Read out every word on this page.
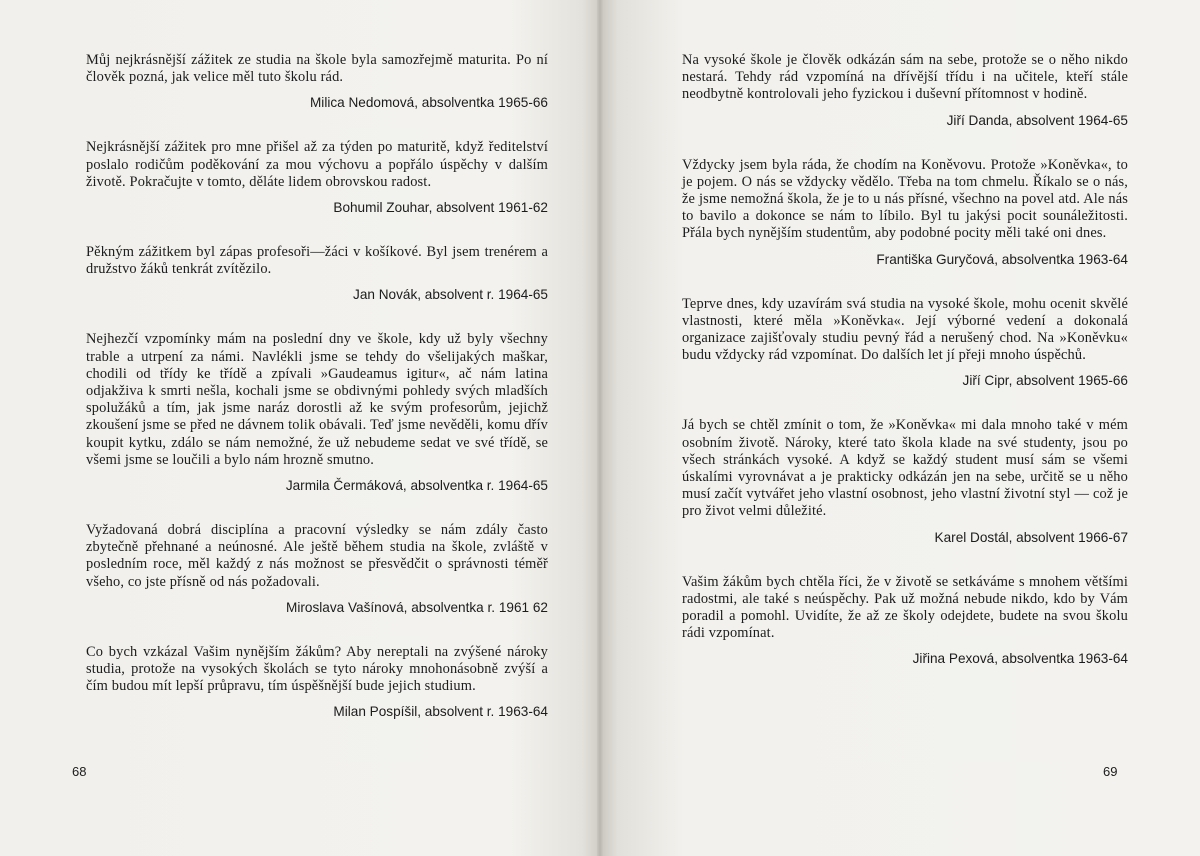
Můj nejkrásnější zážitek ze studia na škole byla samozřejmě maturita. Po ní člověk pozná, jak velice měl tuto školu rád.

Milica Nedomová, absolventka 1965-66

Nejkrásnější zážitek pro mne přišel až za týden po maturitě, když ředitelství poslalo rodičům poděkování za mou výchovu a popřálo úspěchy v dalším životě. Pokračujte v tomto, děláte lidem obrovskou radost.

Bohumil Zouhar, absolvent 1961-62

Pěkným zážitkem byl zápas profesoři—žáci v košíkové. Byl jsem trenérem a družstvo žáků tenkrát zvítězilo.

Jan Novák, absolvent r. 1964-65

Nejhezčí vzpomínky mám na poslední dny ve škole, kdy už byly všechny trable a utrpení za námi. Navlékli jsme se tehdy do všelijakých maškar, chodili od třídy ke třídě a zpívali »Gaudeamus igitur«, ač nám latina odjakživa k smrti nešla, kochali jsme se obdivnými pohledy svých mladších spolužáků a tím, jak jsme naráz dorostli až ke svým profesorům, jejichž zkoušení jsme se před ne dávnem tolik obávali. Teď jsme nevěděli, komu dřív koupit kytku, zdálo se nám nemožné, že už nebudeme sedat ve své třídě, se všemi jsme se loučili a bylo nám hrozně smutno.

Jarmila Čermáková, absolventka r. 1964-65

Vyžadovaná dobrá disciplína a pracovní výsledky se nám zdály často zbytečně přehnané a neúnosné. Ale ještě během studia na škole, zvláště v posledním roce, měl každý z nás možnost se přesvědčit o správnosti téměř všeho, co jste přísně od nás požadovali.

Miroslava Vašínová, absolventka r. 1961 62

Co bych vzkázal Vašim nynějším žákům? Aby nereptali na zvýšené nároky studia, protože na vysokých školách se tyto nároky mnohonásobně zvýší a čím budou mít lepší průpravu, tím úspěšnější bude jejich studium.

Milan Pospíšil, absolvent r. 1963-64

68

Na vysoké škole je člověk odkázán sám na sebe, protože se o něho nikdo nestará. Tehdy rád vzpomíná na dřívější třídu i na učitele, kteří stále neodbytně kontrolovali jeho fyzickou i duševní přítomnost v hodině.

Jiří Danda, absolvent 1964-65

Vždycky jsem byla ráda, že chodím na Koněvovu. Protože »Koněvka«, to je pojem. O nás se vždycky vědělo. Třeba na tom chmelu. Říkalo se o nás, že jsme nemožná škola, že je to u nás přísné, všechno na povel atd. Ale nás to bavilo a dokonce se nám to líbilo. Byl tu jakýsi pocit sounáležitosti. Přála bych nynějším studentům, aby podobné pocity měli také oni dnes.

Františka Guryčová, absolventka 1963-64

Teprve dnes, kdy uzavírám svá studia na vysoké škole, mohu ocenit skvělé vlastnosti, které měla »Koněvka«. Její výborné vedení a dokonalá organizace zajišťovaly studiu pevný řád a nerušený chod. Na »Koněvku« budu vždycky rád vzpomínat. Do dalších let jí přeji mnoho úspěchů.

Jiří Cipr, absolvent 1965-66

Já bych se chtěl zmínit o tom, že »Koněvka« mi dala mnoho také v mém osobním životě. Nároky, které tato škola klade na své studenty, jsou po všech stránkách vysoké. A když se každý student musí sám se všemi úskalími vyrovnávat a je prakticky odkázán jen na sebe, určitě se u něho musí začít vytvářet jeho vlastní osobnost, jeho vlastní životní styl — což je pro život velmi důležité.

Karel Dostál, absolvent 1966-67

Vašim žákům bych chtěla říci, že v životě se setkáváme s mnohem většími radostmi, ale také s neúspěchy. Pak už možná nebude nikdo, kdo by Vám poradil a pomohl. Uvidíte, že až ze školy odejdete, budete na svou školu rádi vzpomínat.

Jiřina Pexová, absolventka 1963-64

69
